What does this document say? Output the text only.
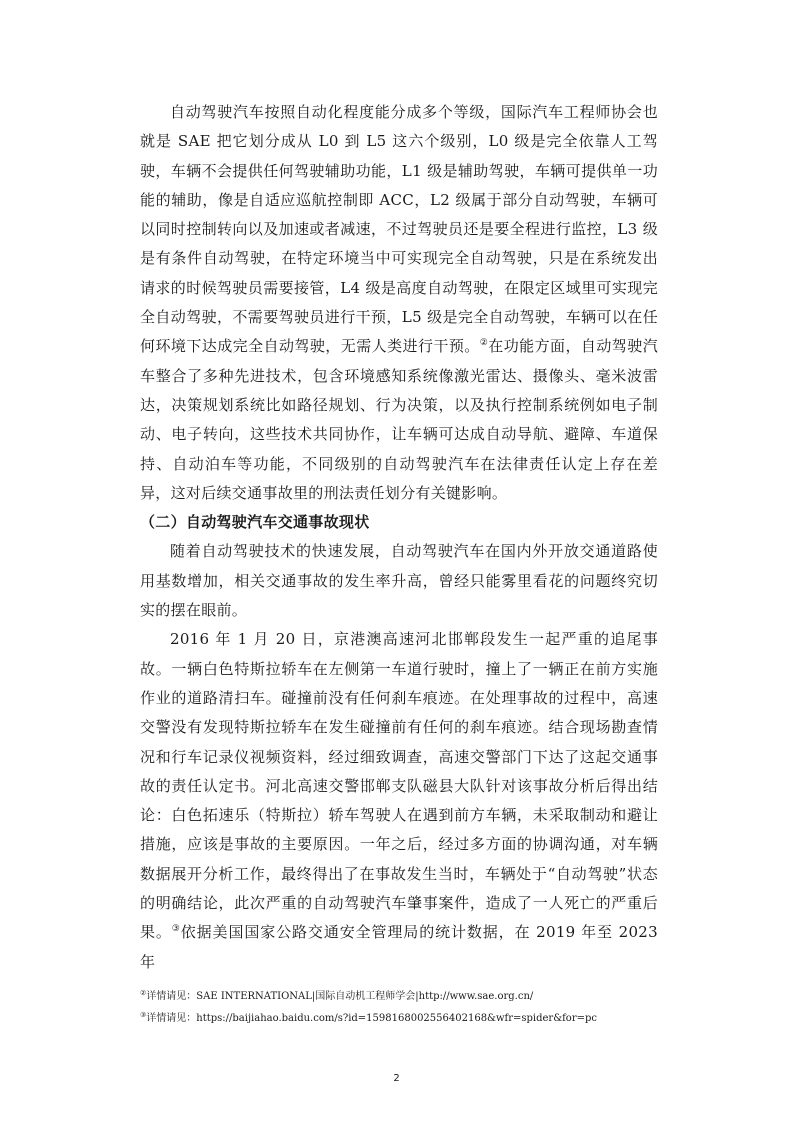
自动驾驶汽车按照自动化程度能分成多个等级，国际汽车工程师协会也就是 SAE 把它划分成从 L0 到 L5 这六个级别，L0 级是完全依靠人工驾驶，车辆不会提供任何驾驶辅助功能，L1 级是辅助驾驶，车辆可提供单一功能的辅助，像是自适应巡航控制即 ACC，L2 级属于部分自动驾驶，车辆可以同时控制转向以及加速或者减速，不过驾驶员还是要全程进行监控，L3 级是有条件自动驾驶，在特定环境当中可实现完全自动驾驶，只是在系统发出请求的时候驾驶员需要接管，L4 级是高度自动驾驶，在限定区域里可实现完全自动驾驶，不需要驾驶员进行干预，L5 级是完全自动驾驶，车辆可以在任何环境下达成完全自动驾驶，无需人类进行干预。②在功能方面，自动驾驶汽车整合了多种先进技术，包含环境感知系统像激光雷达、摄像头、毫米波雷达，决策规划系统比如路径规划、行为决策，以及执行控制系统例如电子制动、电子转向，这些技术共同协作，让车辆可达成自动导航、避障、车道保持、自动泊车等功能，不同级别的自动驾驶汽车在法律责任认定上存在差异，这对后续交通事故里的刑法责任划分有关键影响。

（二）自动驾驶汽车交通事故现状

随着自动驾驶技术的快速发展，自动驾驶汽车在国内外开放交通道路使用基数增加，相关交通事故的发生率升高，曾经只能雾里看花的问题终究切实的摆在眼前。

2016 年 1 月 20 日，京港澳高速河北邯郸段发生一起严重的追尾事故。一辆白色特斯拉轿车在左侧第一车道行驶时，撞上了一辆正在前方实施作业的道路清扫车。碰撞前没有任何刹车痕迹。在处理事故的过程中，高速交警没有发现特斯拉轿车在发生碰撞前有任何的刹车痕迹。结合现场勘查情况和行车记录仪视频资料，经过细致调查，高速交警部门下达了这起交通事故的责任认定书。河北高速交警邯郸支队磁县大队针对该事故分析后得出结论：白色拓速乐（特斯拉）轿车驾驶人在遇到前方车辆，未采取制动和避让措施，应该是事故的主要原因。一年之后，经过多方面的协调沟通，对车辆数据展开分析工作，最终得出了在事故发生当时，车辆处于“自动驾驶”状态的明确结论，此次严重的自动驾驶汽车肇事案件，造成了一人死亡的严重后果。③依据美国国家公路交通安全管理局的统计数据，在 2019 年至 2023 年

②详情请见：SAE INTERNATIONAL|国际自动机工程师学会|http://www.sae.org.cn/

③详情请见：https://baijiahao.baidu.com/s?id=1598168002556402168&wfr=spider&for=pc

2
